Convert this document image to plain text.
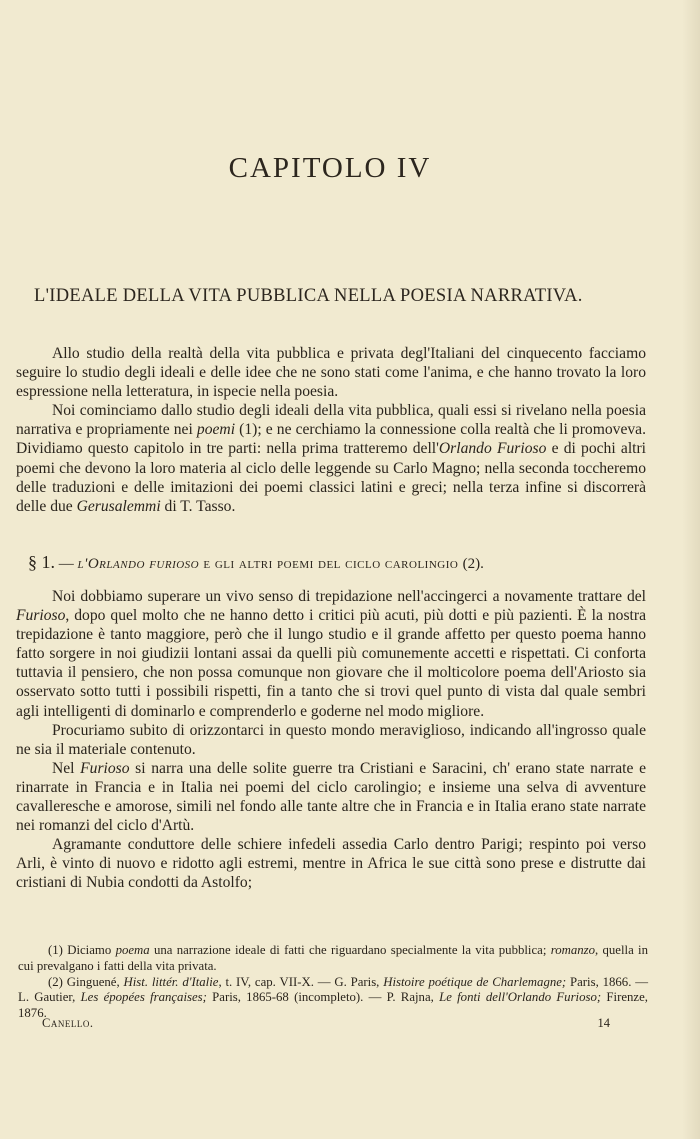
CAPITOLO IV
L'IDEALE DELLA VITA PUBBLICA NELLA POESIA NARRATIVA.

Allo studio della realtà della vita pubblica e privata degl'Italiani del cinquecento facciamo seguire lo studio degli ideali e delle idee che ne sono stati come l'anima, e che hanno trovato la loro espressione nella letteratura, in ispecie nella poesia.

Noi cominciamo dallo studio degli ideali della vita pubblica, quali essi si rivelano nella poesia narrativa e propriamente nei poemi (1); e ne cerchiamo la connessione colla realtà che li promoveva. Dividiamo questo capitolo in tre parti: nella prima tratteremo dell'Orlando Furioso e di pochi altri poemi che devono la loro materia al ciclo delle leggende su Carlo Magno; nella seconda toccheremo delle traduzioni e delle imitazioni dei poemi classici latini e greci; nella terza infine si discorrerà delle due Gerusalemmi di T. Tasso.

§ 1. — l'Orlando furioso e gli altri poemi del ciclo carolingio (2).

Noi dobbiamo superare un vivo senso di trepidazione nell'accingerci a novamente trattare del Furioso, dopo quel molto che ne hanno detto i critici più acuti, più dotti e più pazienti. È la nostra trepidazione è tanto maggiore, però che il lungo studio e il grande affetto per questo poema hanno fatto sorgere in noi giudizii lontani assai da quelli più comunemente accetti e rispettati. Ci conforta tuttavia il pensiero, che non possa comunque non giovare che il molticolore poema dell'Ariosto sia osservato sotto tutti i possibili rispetti, fin a tanto che si trovi quel punto di vista dal quale sembri agli intelligenti di dominarlo e comprenderlo e goderne nel modo migliore.

Procuriamo subito di orizzontarci in questo mondo meraviglioso, indicando all'ingrosso quale ne sia il materiale contenuto.

Nel Furioso si narra una delle solite guerre tra Cristiani e Saracini, ch' erano state narrate e rinarrate in Francia e in Italia nei poemi del ciclo carolingio; e insieme una selva di avventure cavalleresche e amorose, simili nel fondo alle tante altre che in Francia e in Italia erano state narrate nei romanzi del ciclo d'Artù.

Agramante conduttore delle schiere infedeli assedia Carlo dentro Parigi; respinto poi verso Arli, è vinto di nuovo e ridotto agli estremi, mentre in Africa le sue città sono prese e distrutte dai cristiani di Nubia condotti da Astolfo;

(1) Diciamo poema una narrazione ideale di fatti che riguardano specialmente la vita pubblica; romanzo, quella in cui prevalgano i fatti della vita privata.

(2) Ginguené, Hist. littér. d'Italie, t. IV, cap. VII-X. — G. Paris, Histoire poétique de Charlemagne; Paris, 1866. — L. Gautier, Les épopées françaises; Paris, 1865-68 (incompleto). — P. Rajna, Le fonti dell'Orlando Furioso; Firenze, 1876.

Canello.	14
